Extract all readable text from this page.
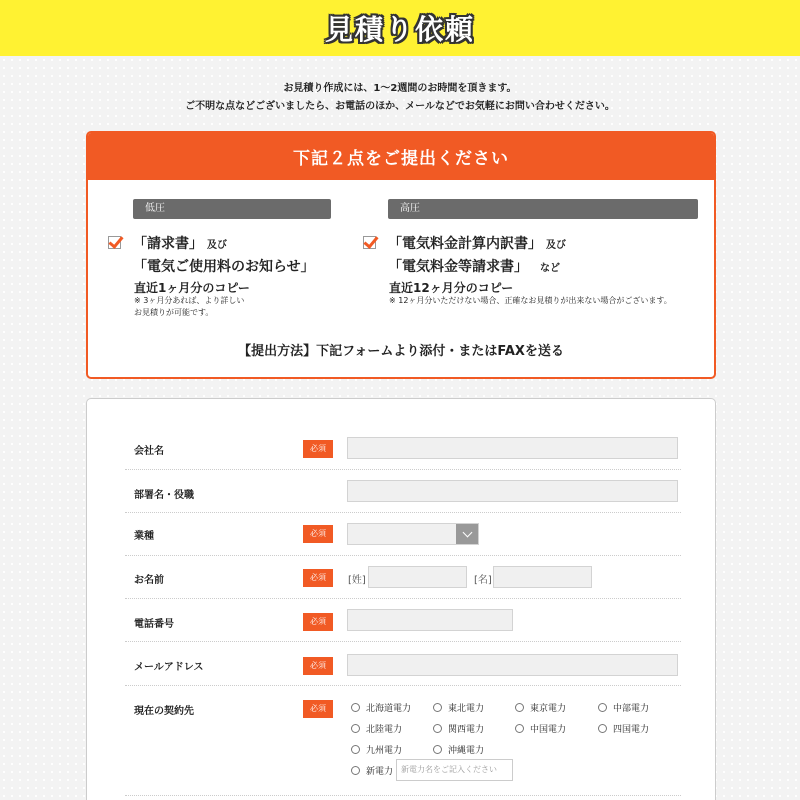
見積り依頼
お見積り作成には、1〜2週間のお時間を頂きます。
ご不明な点などございましたら、お電話のほか、メールなどでお気軽にお問い合わせください。
下記２点をご提出ください
低圧
「請求書」 及び
「電気ご使用料のお知らせ」
直近1ヶ月分のコピー
※ 3ヶ月分あれば、より詳しい
お見積りが可能です。
高圧
「電気料金計算内訳書」 及び
「電気料金等請求書」 など
直近12ヶ月分のコピー
※ 12ヶ月分いただけない場合、正確なお見積りが出来ない場合がございます。
【提出方法】下記フォームより添付・またはFAXを送る
会社名	必須
部署名・役職
業種	必須
お名前	必須	[姓]	[名]
電話番号	必須
メールアドレス	必須
現在の契約先	必須	北海道電力	東北電力	東京電力	中部電力
北陸電力	関西電力	中国電力	四国電力
九州電力	沖縄電力
新電力 新電力名をご記入ください
